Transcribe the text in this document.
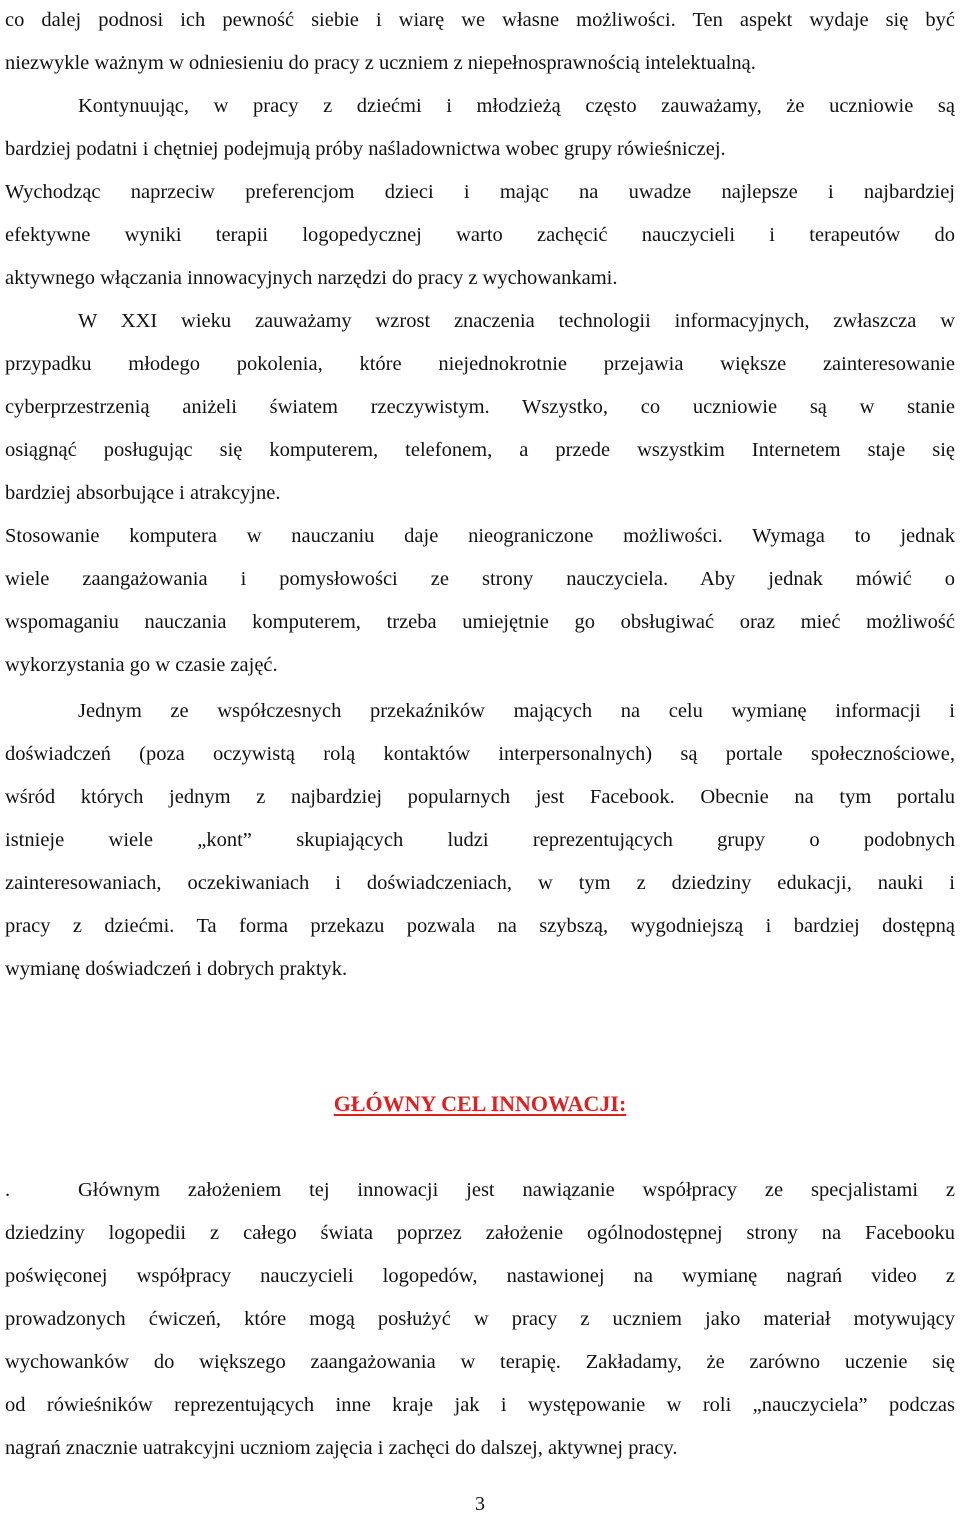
co dalej podnosi ich pewność siebie i wiarę we własne możliwości. Ten aspekt wydaje się być
niezwykle ważnym w odniesieniu do pracy z uczniem z niepełnosprawnością intelektualną.
Kontynuując, w pracy z dziećmi i młodzieżą często zauważamy, że uczniowie są
bardziej podatni i chętniej podejmują próby naśladownictwa wobec grupy rówieśniczej.
Wychodząc naprzeciw preferencjom dzieci i mając na uwadze najlepsze i najbardziej
efektywne wyniki terapii logopedycznej warto zachęcić nauczycieli i terapeutów do
aktywnego włączania innowacyjnych narzędzi do pracy z wychowankami.
W XXI wieku zauważamy wzrost znaczenia technologii informacyjnych, zwłaszcza w
przypadku młodego pokolenia, które niejednokrotnie przejawia większe zainteresowanie
cyberprzestrzenią aniżeli światem rzeczywistym. Wszystko, co uczniowie są w stanie
osiągnąć posługując się komputerem, telefonem, a przede wszystkim Internetem staje się
bardziej absorbujące i atrakcyjne.
Stosowanie komputera w nauczaniu daje nieograniczone możliwości. Wymaga to jednak
wiele zaangażowania i pomysłowości ze strony nauczyciela. Aby jednak mówić o
wspomaganiu nauczania komputerem, trzeba umiejętnie go obsługiwać oraz mieć możliwość
wykorzystania go w czasie zajęć.
Jednym ze współczesnych przekaźników mających na celu wymianę informacji i
doświadczeń (poza oczywistą rolą kontaktów interpersonalnych) są portale społecznościowe,
wśród których jednym z najbardziej popularnych jest Facebook. Obecnie na tym portalu
istnieje wiele „kont” skupiających ludzi reprezentujących grupy o podobnych
zainteresowaniach, oczekiwaniach i doświadczeniach, w tym z dziedziny edukacji, nauki i
pracy z dziećmi. Ta forma przekazu pozwala na szybszą, wygodniejszą i bardziej dostępną
wymianę doświadczeń i dobrych praktyk.
GŁÓWNY CEL INNOWACJI:
.	Głównym założeniem tej innowacji jest nawiązanie współpracy ze specjalistami z
dziedziny logopedii z całego świata poprzez założenie ogólnodostępnej strony na Facebooku
poświęconej współpracy nauczycieli logopedów, nastawionej na wymianę nagrań video z
prowadzonych ćwiczeń, które mogą posłużyć w pracy z uczniem jako materiał motywujący
wychowanków do większego zaangażowania w terapię. Zakładamy, że zarówno uczenie się
od rówieśników reprezentujących inne kraje jak i występowanie w roli „nauczyciela” podczas
nagrań znacznie uatrakcyjni uczniom zajęcia i zachęci do dalszej, aktywnej pracy.
3
